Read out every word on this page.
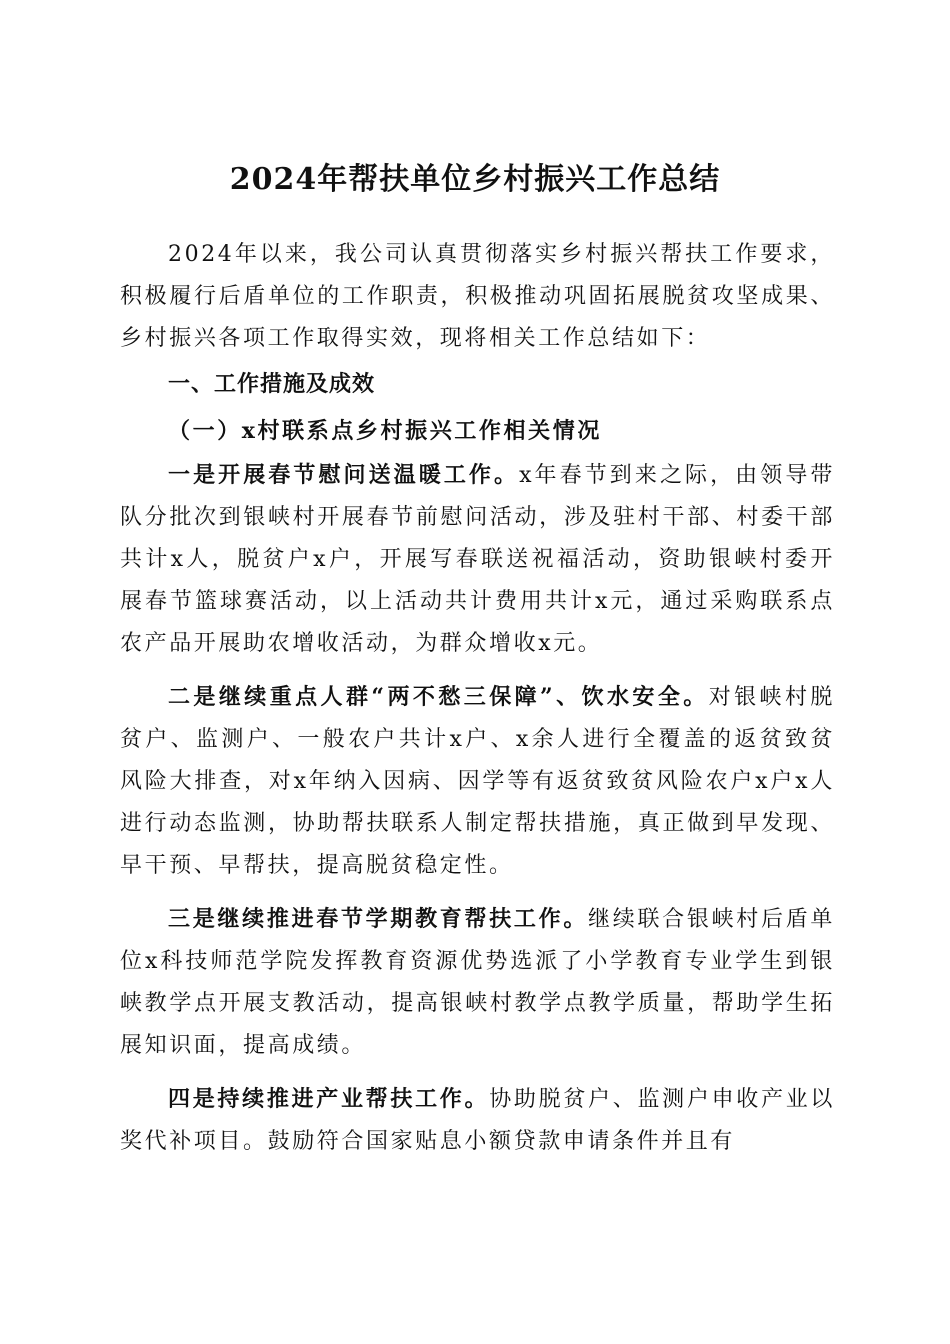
2024年帮扶单位乡村振兴工作总结

2024年以来，我公司认真贯彻落实乡村振兴帮扶工作要求，积极履行后盾单位的工作职责，积极推动巩固拓展脱贫攻坚成果、乡村振兴各项工作取得实效，现将相关工作总结如下：

一、工作措施及成效
（一）x村联系点乡村振兴工作相关情况

一是开展春节慰问送温暖工作。x年春节到来之际，由领导带队分批次到银峡村开展春节前慰问活动，涉及驻村干部、村委干部共计x人，脱贫户x户，开展写春联送祝福活动，资助银峡村委开展春节篮球赛活动，以上活动共计费用共计x元，通过采购联系点农产品开展助农增收活动，为群众增收x元。

二是继续重点人群“两不愁三保障”、饮水安全。对银峡村脱贫户、监测户、一般农户共计x户、x余人进行全覆盖的返贫致贫风险大排查，对x年纳入因病、因学等有返贫致贫风险农户x户x人进行动态监测，协助帮扶联系人制定帮扶措施，真正做到早发现、早干预、早帮扶，提高脱贫稳定性。

三是继续推进春节学期教育帮扶工作。继续联合银峡村后盾单位x科技师范学院发挥教育资源优势选派了小学教育专业学生到银峡教学点开展支教活动，提高银峡村教学点教学质量，帮助学生拓展知识面，提高成绩。

四是持续推进产业帮扶工作。协助脱贫户、监测户申收产业以奖代补项目。鼓励符合国家贴息小额贷款申请条件并且有
